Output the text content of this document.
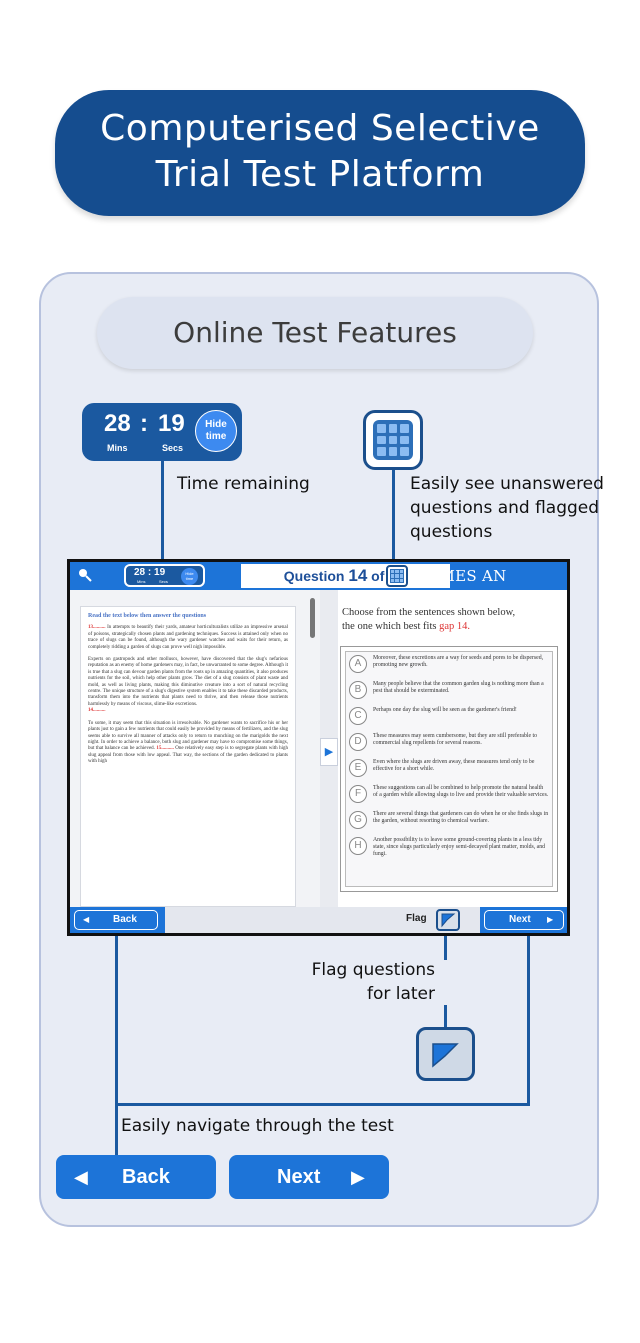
Computerised Selective
Trial Test Platform
Online Test Features
28 : 19
Mins	Secs
Hide
time
Time remaining	Easily see unanswered
questions and flagged
questions
Flag questions
for later
Easily navigate through the test
28 : 19
Mins	Secs
Hide
time	Question 14 of	JAMES AN
Read the text below then answer the questions

13.......... In attempts to beautify their yards, amateur horticulturalists utilize an impressive arsenal of poisons, strategically chosen plants and gardening techniques. Success is attained only when no trace of slugs can be found, although the wary gardener watches and waits for their return, as completely ridding a garden of slugs can prove well nigh impossible.

Experts on gastropods and other molluscs, however, have discovered that the slug's nefarious reputation as an enemy of home gardeners may, in fact, be unwarranted to some degree. Although it is true that a slug can devour garden plants from the roots up in amazing quantities, it also produces nutrients for the soil, which help other plants grow. The diet of a slug consists of plant waste and mold, as well as living plants, making this diminutive creature into a sort of natural recycling centre. The unique structure of a slug's digestive system enables it to take these discarded products, transform them into the nutrients that plants need to thrive, and then release those nutrients harmlessly by means of viscous, slime-like excretions.
14..........

To some, it may seem that this situation is irresolvable. No gardener wants to sacrifice his or her plants just to gain a few nutrients that could easily be provided by means of fertilizers, and the slug seems able to survive all manner of attacks only to return to munching on the marigolds the next night. In order to achieve a balance, both slug and gardener may have to compromise some things, but that balance can be achieved. 15.......... One relatively easy step is to segregate plants with high slug appeal from those with low appeal. That way, the sections of the garden dedicated to plants with high

▶
Choose from the sentences shown below,
the one which best fits gap 14.
A	Moreover, these excretions are a way for seeds and pores to be dispersed, promoting new growth.
B	Many people believe that the common garden slug is nothing more than a pest that should be exterminated.
C	Perhaps one day the slug will be seen as the gardener's friend!
D	These measures may seem cumbersome, but they are still preferable to commercial slug repellents for several reasons.
E	Even where the slugs are driven away, these measures tend only to be effective for a short while.
F	These suggestions can all be combined to help promote the natural health of a garden while allowing slugs to live and provide their valuable services.
G	There are several things that gardeners can do when he or she finds slugs in the garden, without resorting to chemical warfare.
H	Another possibility is to leave some ground-covering plants in a less tidy state, since slugs particularly enjoy semi-decayed plant matter, molds, and fungi.
◀ Back	Flag	Next ▶
◀ Back	Next ▶
